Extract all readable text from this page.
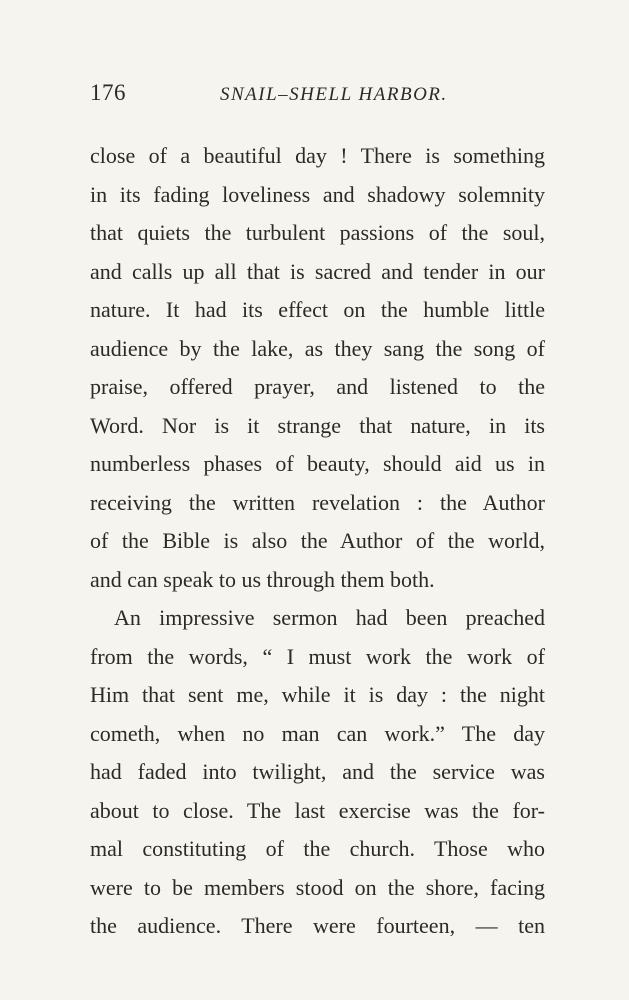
176	SNAIL–SHELL HARBOR.
close of a beautiful day ! There is something
in its fading loveliness and shadowy solemnity
that quiets the turbulent passions of the soul,
and calls up all that is sacred and tender in our
nature. It had its effect on the humble little
audience by the lake, as they sang the song of
praise, offered prayer, and listened to the
Word. Nor is it strange that nature, in its
numberless phases of beauty, should aid us in
receiving the written revelation : the Author
of the Bible is also the Author of the world,
and can speak to us through them both.
An impressive sermon had been preached
from the words, “ I must work the work of
Him that sent me, while it is day : the night
cometh, when no man can work.” The day
had faded into twilight, and the service was
about to close. The last exercise was the for-
mal constituting of the church. Those who
were to be members stood on the shore, facing
the audience. There were fourteen, — ten
